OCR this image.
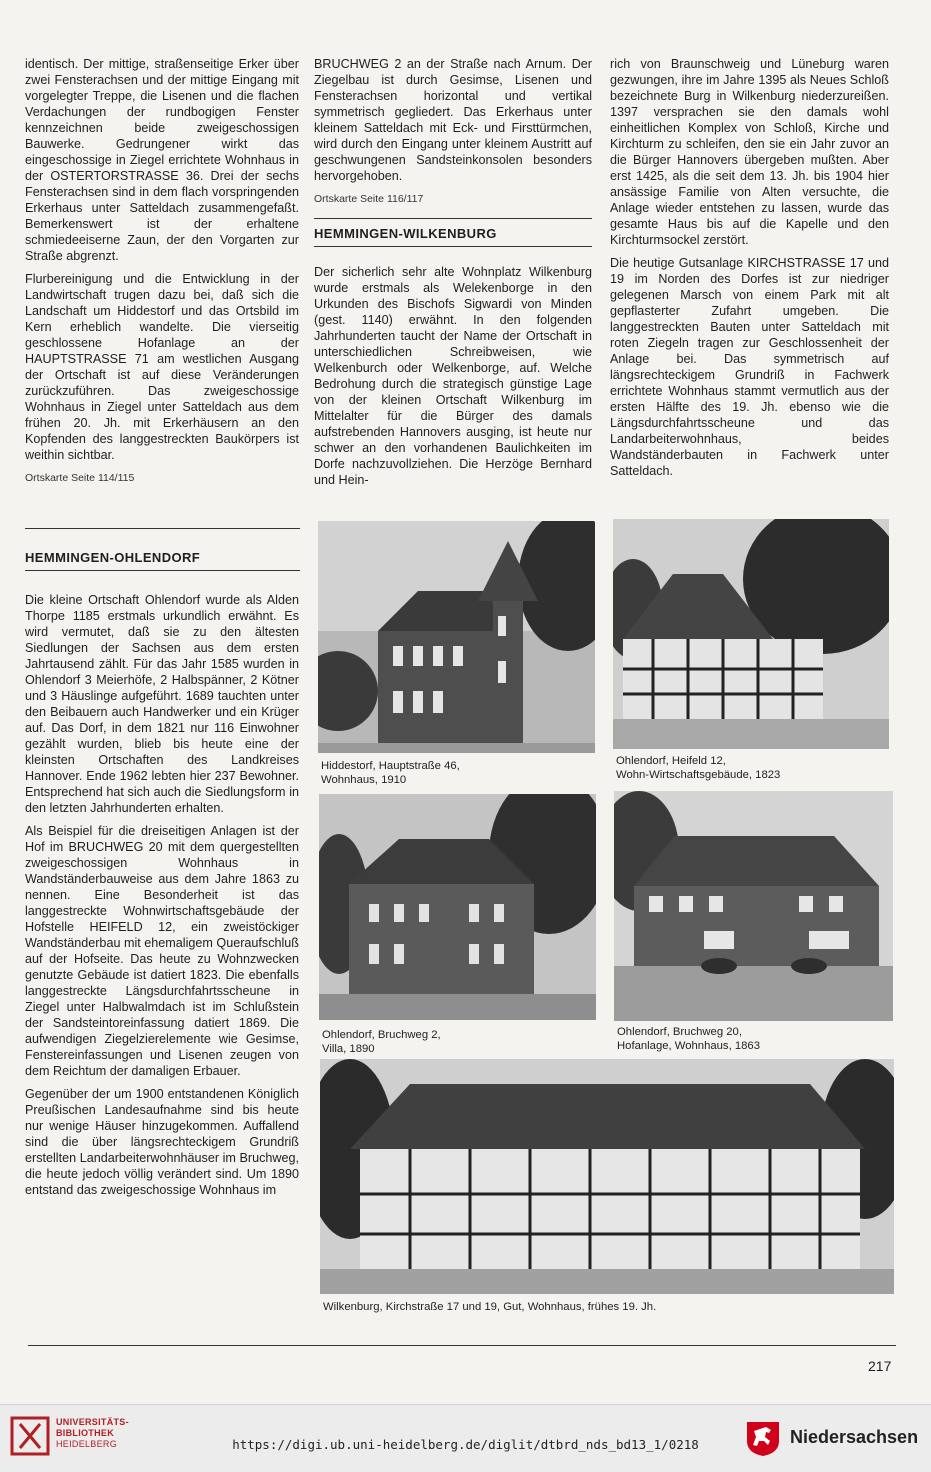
identisch. Der mittige, straßenseitige Erker über zwei Fensterachsen und der mittige Eingang mit vorgelegter Treppe, die Lisenen und die flachen Verdachungen der rundbogigen Fenster kennzeichnen beide zweigeschossigen Bauwerke. Gedrungener wirkt das eingeschossige in Ziegel errichtete Wohnhaus in der OSTERTORSTRASSE 36. Drei der sechs Fensterachsen sind in dem flach vorspringenden Erkerhaus unter Satteldach zusammengefaßt. Bemerkenswert ist der erhaltene schmiedeeiserne Zaun, der den Vorgarten zur Straße abgrenzt.

Flurbereinigung und die Entwicklung in der Landwirtschaft trugen dazu bei, daß sich die Landschaft um Hiddestorf und das Ortsbild im Kern erheblich wandelte. Die vierseitig geschlossene Hofanlage an der HAUPTSTRASSE 71 am westlichen Ausgang der Ortschaft ist auf diese Veränderungen zurückzuführen. Das zweigeschossige Wohnhaus in Ziegel unter Satteldach aus dem frühen 20. Jh. mit Erkerhäusern an den Kopfenden des langgestreckten Baukörpers ist weithin sichtbar.

Ortskarte Seite 114/115
HEMMINGEN-OHLENDORF

Die kleine Ortschaft Ohlendorf wurde als Alden Thorpe 1185 erstmals urkundlich erwähnt. Es wird vermutet, daß sie zu den ältesten Siedlungen der Sachsen aus dem ersten Jahrtausend zählt. Für das Jahr 1585 wurden in Ohlendorf 3 Meierhöfe, 2 Halbspänner, 2 Kötner und 3 Häuslinge aufgeführt. 1689 tauchten unter den Beibauern auch Handwerker und ein Krüger auf. Das Dorf, in dem 1821 nur 116 Einwohner gezählt wurden, blieb bis heute eine der kleinsten Ortschaften des Landkreises Hannover. Ende 1962 lebten hier 237 Bewohner. Entsprechend hat sich auch die Siedlungsform in den letzten Jahrhunderten erhalten.

Als Beispiel für die dreiseitigen Anlagen ist der Hof im BRUCHWEG 20 mit dem quergestellten zweigeschossigen Wohnhaus in Wandständerbauweise aus dem Jahre 1863 zu nennen. Eine Besonderheit ist das langgestreckte Wohnwirtschaftsgebäude der Hofstelle HEIFELD 12, ein zweistöckiger Wandständerbau mit ehemaligem Queraufschluß auf der Hofseite. Das heute zu Wohnzwecken genutzte Gebäude ist datiert 1823. Die ebenfalls langgestreckte Längsdurchfahrtsscheune in Ziegel unter Halbwalmdach ist im Schlußstein der Sandsteintoreinfassung datiert 1869. Die aufwendigen Ziegelzierelemente wie Gesimse, Fenstereinfassungen und Lisenen zeugen von dem Reichtum der damaligen Erbauer.

Gegenüber der um 1900 entstandenen Königlich Preußischen Landesaufnahme sind bis heute nur wenige Häuser hinzugekommen. Auffallend sind die über längsrechteckigem Grundriß erstellten Landarbeiterwohnhäuser im Bruchweg, die heute jedoch völlig verändert sind. Um 1890 entstand das zweigeschossige Wohnhaus im

BRUCHWEG 2 an der Straße nach Arnum. Der Ziegelbau ist durch Gesimse, Lisenen und Fensterachsen horizontal und vertikal symmetrisch gegliedert. Das Erkerhaus unter kleinem Satteldach mit Eck- und Firsttürmchen, wird durch den Eingang unter kleinem Austritt auf geschwungenen Sandsteinkonsolen besonders hervorgehoben.

Ortskarte Seite 116/117
HEMMINGEN-WILKENBURG

Der sicherlich sehr alte Wohnplatz Wilkenburg wurde erstmals als Welekenborge in den Urkunden des Bischofs Sigwardi von Minden (gest. 1140) erwähnt. In den folgenden Jahrhunderten taucht der Name der Ortschaft in unterschiedlichen Schreibweisen, wie Welkenburch oder Welkenborge, auf. Welche Bedrohung durch die strategisch günstige Lage von der kleinen Ortschaft Wilkenburg im Mittelalter für die Bürger des damals aufstrebenden Hannovers ausging, ist heute nur schwer an den vorhandenen Baulichkeiten im Dorfe nachzuvollziehen. Die Herzöge Bernhard und Hein-

rich von Braunschweig und Lüneburg waren gezwungen, ihre im Jahre 1395 als Neues Schloß bezeichnete Burg in Wilkenburg niederzureißen. 1397 versprachen sie den damals wohl einheitlichen Komplex von Schloß, Kirche und Kirchturm zu schleifen, den sie ein Jahr zuvor an die Bürger Hannovers übergeben mußten. Aber erst 1425, als die seit dem 13. Jh. bis 1904 hier ansässige Familie von Alten versuchte, die Anlage wieder entstehen zu lassen, wurde das gesamte Haus bis auf die Kapelle und den Kirchturmsockel zerstört.

Die heutige Gutsanlage KIRCHSTRASSE 17 und 19 im Norden des Dorfes ist zur niedriger gelegenen Marsch von einem Park mit alt gepflasterter Zufahrt umgeben. Die langgestreckten Bauten unter Satteldach mit roten Ziegeln tragen zur Geschlossenheit der Anlage bei. Das symmetrisch auf längsrechteckigem Grundriß in Fachwerk errichtete Wohnhaus stammt vermutlich aus der ersten Hälfte des 19. Jh. ebenso wie die Längsdurchfahrtsscheune und das Landarbeiterwohnhaus, beides Wandständerbauten in Fachwerk unter Satteldach.

Hiddestorf, Hauptstraße 46,
Wohnhaus, 1910
Ohlendorf, Heifeld 12,
Wohn-Wirtschaftsgebäude, 1823
Ohlendorf, Bruchweg 2,
Villa, 1890
Ohlendorf, Bruchweg 20,
Hofanlage, Wohnhaus, 1863
Wilkenburg, Kirchstraße 17 und 19, Gut, Wohnhaus, frühes 19. Jh.
217
UNIVERSITÄTS-
BIBLIOTHEK
HEIDELBERG	https://digi.ub.uni-heidelberg.de/diglit/dtbrd_nds_bd13_1/0218	Niedersachsen
